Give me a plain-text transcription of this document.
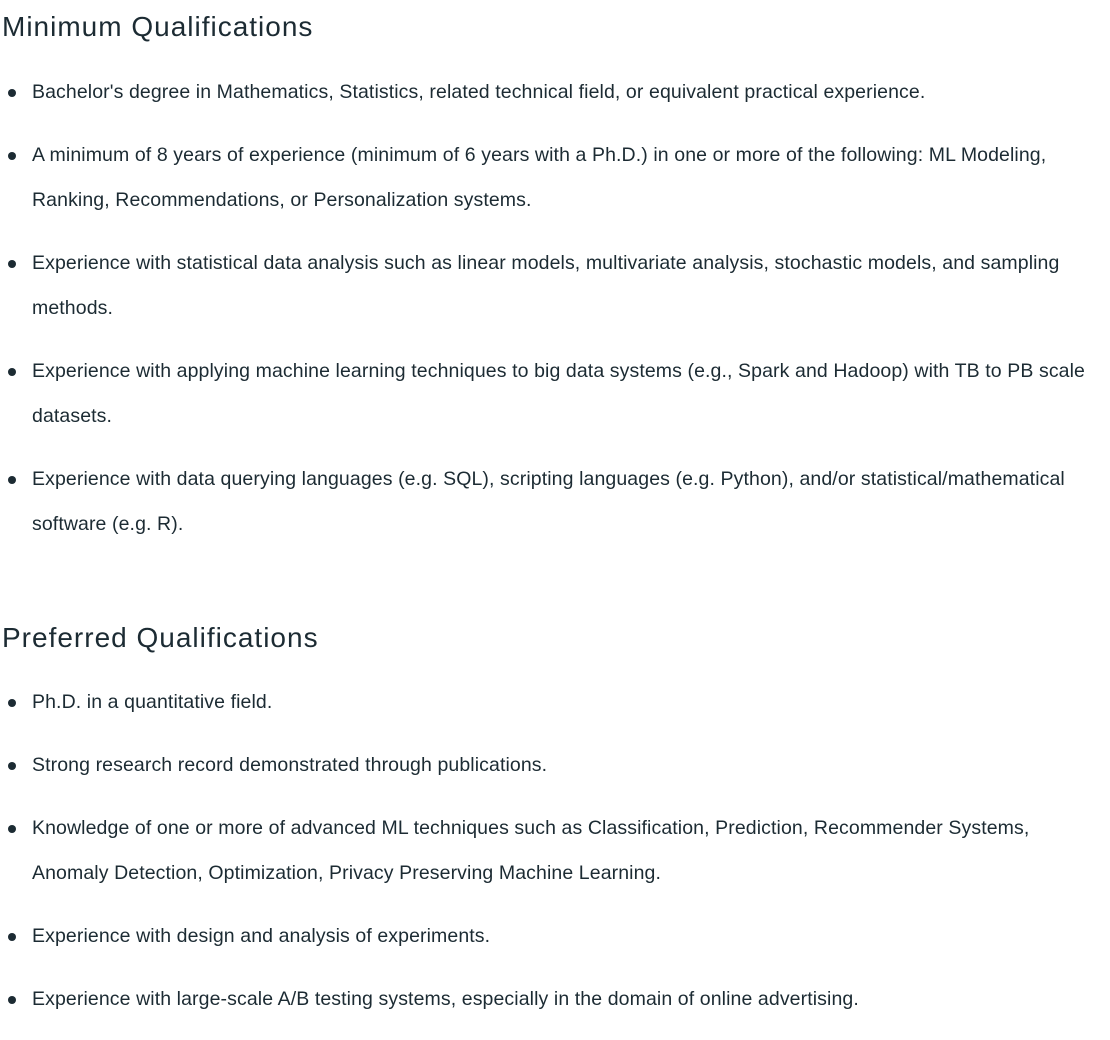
Minimum Qualifications
Bachelor's degree in Mathematics, Statistics, related technical field, or equivalent practical experience.
A minimum of 8 years of experience (minimum of 6 years with a Ph.D.) in one or more of the following: ML Modeling, Ranking, Recommendations, or Personalization systems.
Experience with statistical data analysis such as linear models, multivariate analysis, stochastic models, and sampling methods.
Experience with applying machine learning techniques to big data systems (e.g., Spark and Hadoop) with TB to PB scale datasets.
Experience with data querying languages (e.g. SQL), scripting languages (e.g. Python), and/or statistical/mathematical software (e.g. R).
Preferred Qualifications
Ph.D. in a quantitative field.
Strong research record demonstrated through publications.
Knowledge of one or more of advanced ML techniques such as Classification, Prediction, Recommender Systems, Anomaly Detection, Optimization, Privacy Preserving Machine Learning.
Experience with design and analysis of experiments.
Experience with large-scale A/B testing systems, especially in the domain of online advertising.
